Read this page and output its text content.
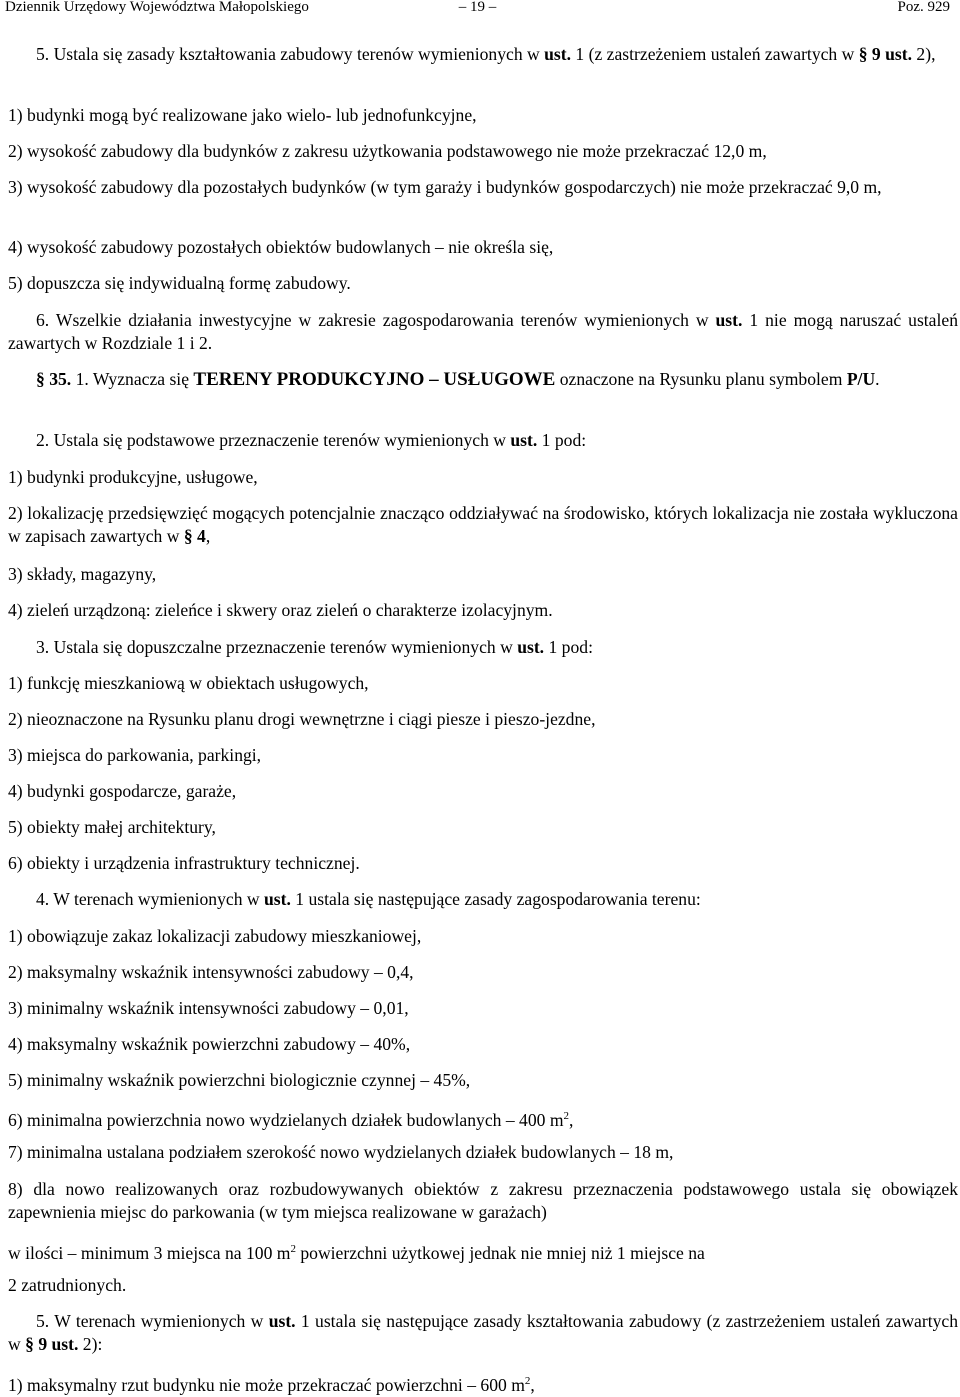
Dziennik Urzędowy Województwa Małopolskiego	– 19 –	Poz. 929

5. Ustala się zasady kształtowania zabudowy terenów wymienionych w ust. 1 (z zastrzeżeniem ustaleń zawartych w § 9 ust. 2),

1) budynki mogą być realizowane jako wielo- lub jednofunkcyjne,

2) wysokość zabudowy dla budynków z zakresu użytkowania podstawowego nie może przekraczać 12,0 m,

3) wysokość zabudowy dla pozostałych budynków (w tym garaży i budynków gospodarczych) nie może przekraczać 9,0 m,

4) wysokość zabudowy pozostałych obiektów budowlanych – nie określa się,

5) dopuszcza się indywidualną formę zabudowy.

6. Wszelkie działania inwestycyjne w zakresie zagospodarowania terenów wymienionych w ust. 1 nie mogą naruszać ustaleń zawartych w Rozdziale 1 i 2.

§ 35. 1. Wyznacza się TERENY PRODUKCYJNO – USŁUGOWE oznaczone na Rysunku planu symbolem P/U.

2. Ustala się podstawowe przeznaczenie terenów wymienionych w ust. 1 pod:

1) budynki produkcyjne, usługowe,

2) lokalizację przedsięwzięć mogących potencjalnie znacząco oddziaływać na środowisko, których lokalizacja nie została wykluczona w zapisach zawartych w § 4,

3) składy, magazyny,

4) zieleń urządzoną: zieleńce i skwery oraz zieleń o charakterze izolacyjnym.

3. Ustala się dopuszczalne przeznaczenie terenów wymienionych w ust. 1 pod:

1) funkcję mieszkaniową w obiektach usługowych,

2) nieoznaczone na Rysunku planu drogi wewnętrzne i ciągi piesze i pieszo-jezdne,

3) miejsca do parkowania, parkingi,

4) budynki gospodarcze, garaże,

5) obiekty małej architektury,

6) obiekty i urządzenia infrastruktury technicznej.

4. W terenach wymienionych w ust. 1 ustala się następujące zasady zagospodarowania terenu:

1) obowiązuje zakaz lokalizacji zabudowy mieszkaniowej,

2) maksymalny wskaźnik intensywności zabudowy – 0,4,

3) minimalny wskaźnik intensywności zabudowy – 0,01,

4) maksymalny wskaźnik powierzchni zabudowy – 40%,

5) minimalny wskaźnik powierzchni biologicznie czynnej – 45%,

6) minimalna powierzchnia nowo wydzielanych działek budowlanych – 400 $m^2$,

7) minimalna ustalana podziałem szerokość nowo wydzielanych działek budowlanych – 18 m,

8) dla nowo realizowanych oraz rozbudowywanych obiektów z zakresu przeznaczenia podstawowego ustala się obowiązek zapewnienia miejsc do parkowania (w tym miejsca realizowane w garażach)

w ilości – minimum 3 miejsca na 100 $m^2$ powierzchni użytkowej jednak nie mniej niż 1 miejsce na

2 zatrudnionych.

5. W terenach wymienionych w ust. 1 ustala się następujące zasady kształtowania zabudowy (z zastrzeżeniem ustaleń zawartych w § 9 ust. 2):

1) maksymalny rzut budynku nie może przekraczać powierzchni – 600 $m^2$,
